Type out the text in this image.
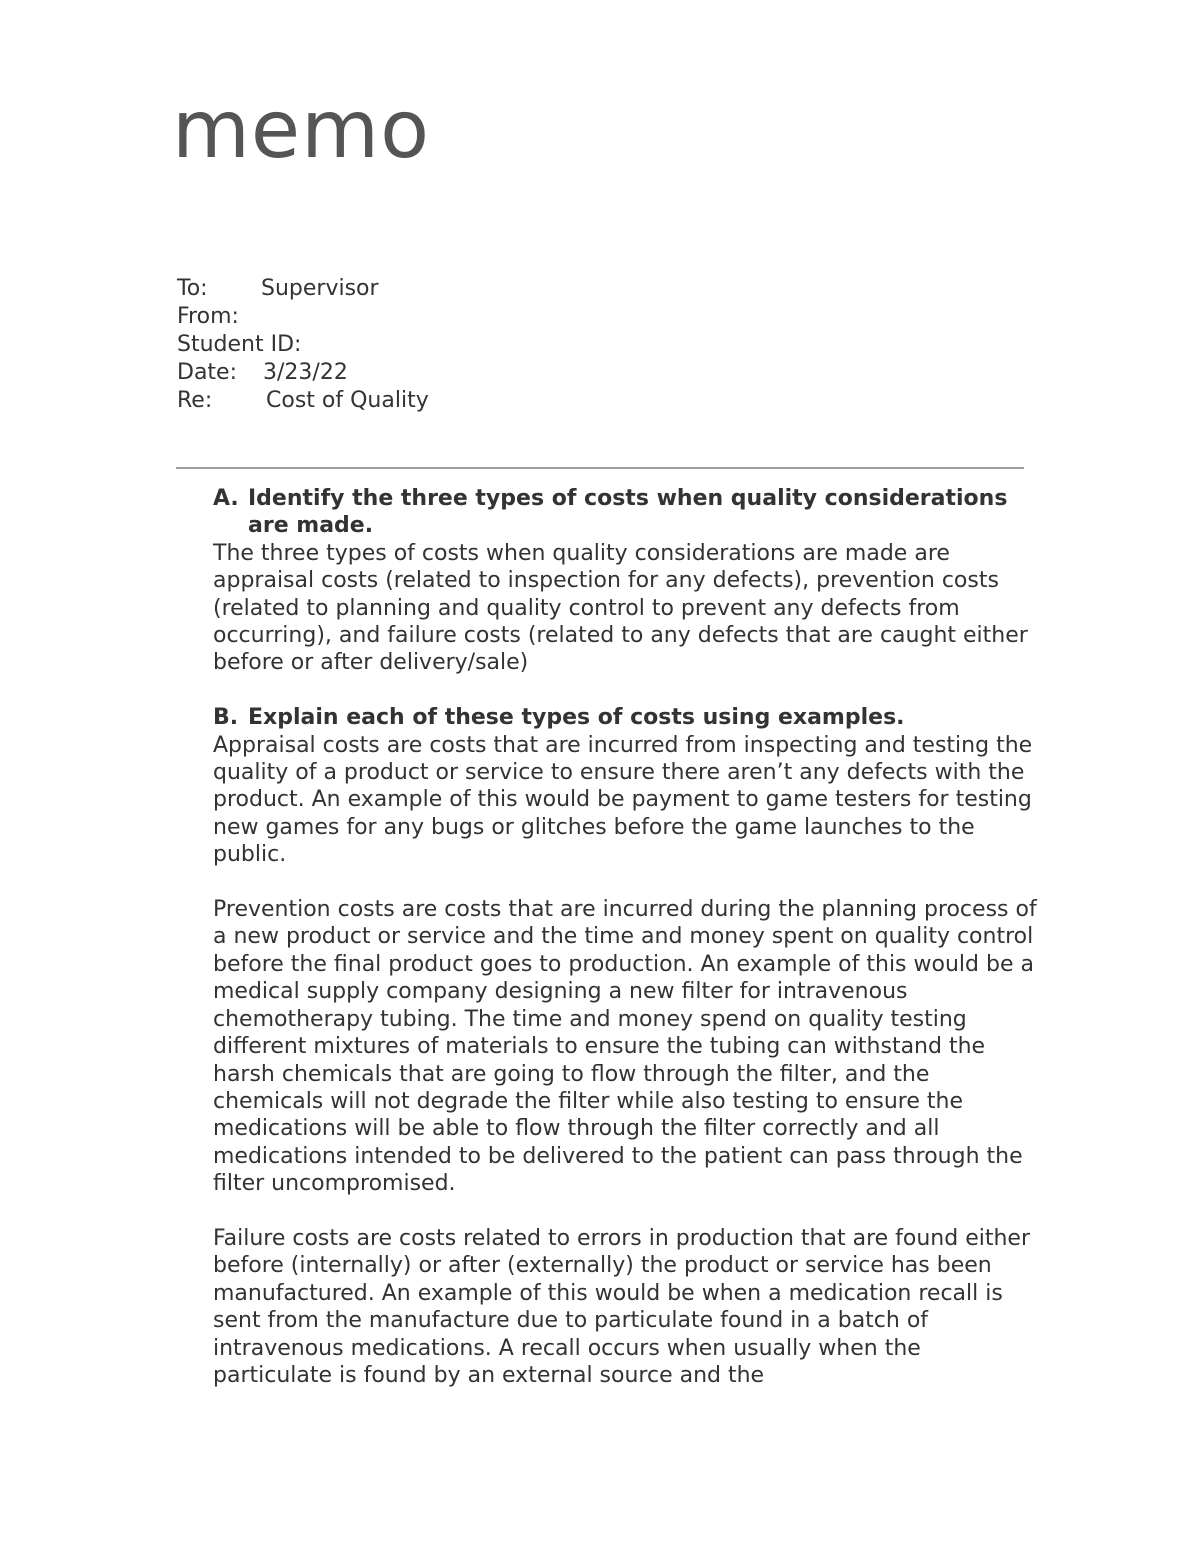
memo
To:	Supervisor
From:
Student ID:
Date:	3/23/22
Re:	Cost of Quality
A. Identify the three types of costs when quality considerations are made.

The three types of costs when quality considerations are made are appraisal costs (related to inspection for any defects), prevention costs (related to planning and quality control to prevent any defects from occurring), and failure costs (related to any defects that are caught either before or after delivery/sale)

B. Explain each of these types of costs using examples.

Appraisal costs are costs that are incurred from inspecting and testing the quality of a product or service to ensure there aren’t any defects with the product. An example of this would be payment to game testers for testing new games for any bugs or glitches before the game launches to the public.

Prevention costs are costs that are incurred during the planning process of a new product or service and the time and money spent on quality control before the final product goes to production. An example of this would be a medical supply company designing a new filter for intravenous chemotherapy tubing. The time and money spend on quality testing different mixtures of materials to ensure the tubing can withstand the harsh chemicals that are going to flow through the filter, and the chemicals will not degrade the filter while also testing to ensure the medications will be able to flow through the filter correctly and all medications intended to be delivered to the patient can pass through the filter uncompromised.

Failure costs are costs related to errors in production that are found either before (internally) or after (externally) the product or service has been manufactured. An example of this would be when a medication recall is sent from the manufacture due to particulate found in a batch of intravenous medications. A recall occurs when usually when the particulate is found by an external source and the
